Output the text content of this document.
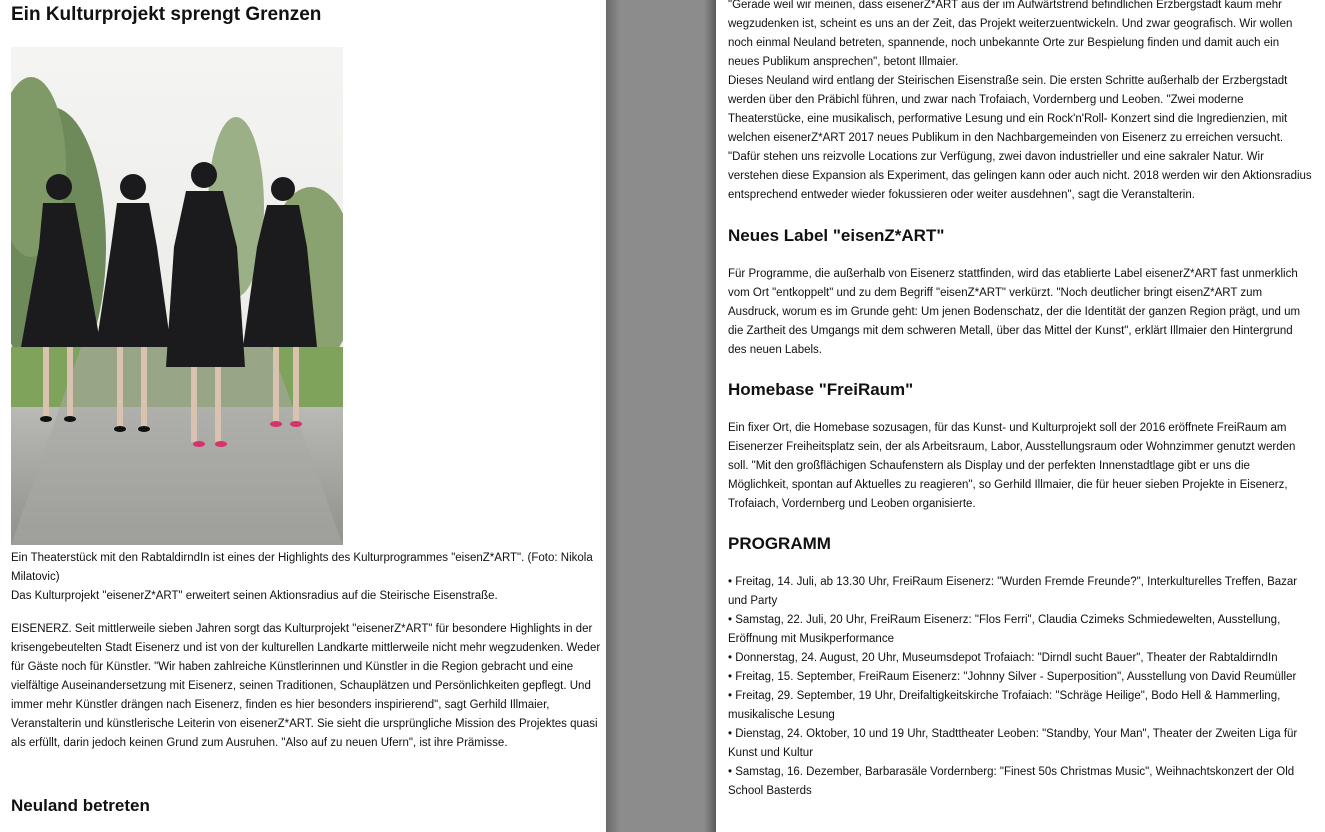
Ein Kulturprojekt sprengt Grenzen

Ein Theaterstück mit den RabtaldirndIn ist eines der Highlights des Kulturprogrammes "eisenZ*ART". (Foto: Nikola Milatovic)

Das Kulturprojekt "eisenerZ*ART" erweitert seinen Aktionsradius auf die Steirische Eisenstraße.

EISENERZ. Seit mittlerweile sieben Jahren sorgt das Kulturprojekt "eisenerZ*ART" für besondere Highlights in der krisengebeutelten Stadt Eisenerz und ist von der kulturellen Landkarte mittlerweile nicht mehr wegzudenken. Weder für Gäste noch für Künstler. "Wir haben zahlreiche Künstlerinnen und Künstler in die Region gebracht und eine vielfältige Auseinandersetzung mit Eisenerz, seinen Traditionen, Schauplätzen und Persönlichkeiten gepflegt. Und immer mehr Künstler drängen nach Eisenerz, finden es hier besonders inspirierend", sagt Gerhild Illmaier, Veranstalterin und künstlerische Leiterin von eisenerZ*ART. Sie sieht die ursprüngliche Mission des Projektes quasi als erfüllt, darin jedoch keinen Grund zum Ausruhen. "Also auf zu neuen Ufern", ist ihre Prämisse.

Neuland betreten

"Gerade weil wir meinen, dass eisenerZ*ART aus der im Aufwärtstrend befindlichen Erzbergstadt kaum mehr wegzudenken ist, scheint es uns an der Zeit, das Projekt weiterzuentwickeln. Und zwar geografisch. Wir wollen noch einmal Neuland betreten, spannende, noch unbekannte Orte zur Bespielung finden und damit auch ein neues Publikum ansprechen", betont Illmaier.

Dieses Neuland wird entlang der Steirischen Eisenstraße sein. Die ersten Schritte außerhalb der Erzbergstadt werden über den Präbichl führen, und zwar nach Trofaiach, Vordernberg und Leoben. "Zwei moderne Theaterstücke, eine musikalisch, performative Lesung und ein Rock'n'Roll- Konzert sind die Ingredienzien, mit welchen eisenerZ*ART 2017 neues Publikum in den Nachbargemeinden von Eisenerz zu erreichen versucht. "Dafür stehen uns reizvolle Locations zur Verfügung, zwei davon industrieller und eine sakraler Natur. Wir verstehen diese Expansion als Experiment, das gelingen kann oder auch nicht. 2018 werden wir den Aktionsradius entsprechend entweder wieder fokussieren oder weiter ausdehnen", sagt die Veranstalterin.

Neues Label "eisenZ*ART"

Für Programme, die außerhalb von Eisenerz stattfinden, wird das etablierte Label eisenerZ*ART fast unmerklich vom Ort "entkoppelt" und zu dem Begriff "eisenZ*ART" verkürzt. "Noch deutlicher bringt eisenZ*ART zum Ausdruck, worum es im Grunde geht: Um jenen Bodenschatz, der die Identität der ganzen Region prägt, und um die Zartheit des Umgangs mit dem schweren Metall, über das Mittel der Kunst", erklärt Illmaier den Hintergrund des neuen Labels.

Homebase "FreiRaum"

Ein fixer Ort, die Homebase sozusagen, für das Kunst- und Kulturprojekt soll der 2016 eröffnete FreiRaum am Eisenerzer Freiheitsplatz sein, der als Arbeitsraum, Labor, Ausstellungsraum oder Wohnzimmer genutzt werden soll. "Mit den großflächigen Schaufenstern als Display und der perfekten Innenstadtlage gibt er uns die Möglichkeit, spontan auf Aktuelles zu reagieren", so Gerhild Illmaier, die für heuer sieben Projekte in Eisenerz, Trofaiach, Vordernberg und Leoben organisierte.

PROGRAMM
• Freitag, 14. Juli, ab 13.30 Uhr, FreiRaum Eisenerz: "Wurden Fremde Freunde?", Interkulturelles Treffen, Bazar und Party
• Samstag, 22. Juli, 20 Uhr, FreiRaum Eisenerz: "Flos Ferri", Claudia Czimeks Schmiedewelten, Ausstellung, Eröffnung mit Musikperformance
• Donnerstag, 24. August, 20 Uhr, Museumsdepot Trofaiach: "Dirndl sucht Bauer", Theater der RabtaldirndIn
• Freitag, 15. September, FreiRaum Eisenerz: "Johnny Silver - Superposition", Ausstellung von David Reumüller
• Freitag, 29. September, 19 Uhr, Dreifaltigkeitskirche Trofaiach: "Schräge Heilige", Bodo Hell & Hammerling, musikalische Lesung
• Dienstag, 24. Oktober, 10 und 19 Uhr, Stadttheater Leoben: "Standby, Your Man", Theater der Zweiten Liga für Kunst und Kultur
• Samstag, 16. Dezember, Barbarasäle Vordernberg: "Finest 50s Christmas Music", Weihnachtskonzert der Old School Basterds
